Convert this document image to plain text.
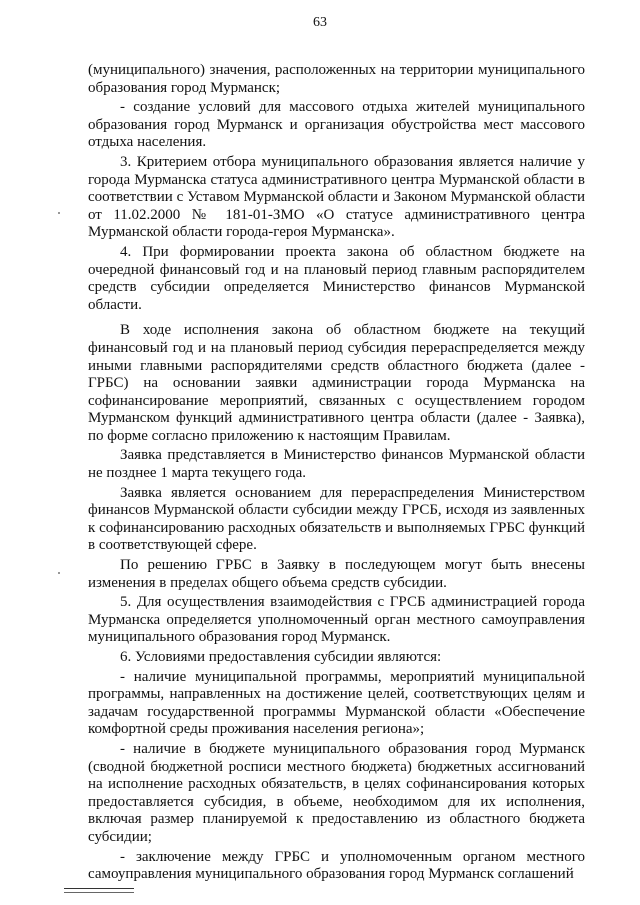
63

(муниципального) значения, расположенных на территории муниципального образования город Мурманск;

- создание условий для массового отдыха жителей муниципального образования город Мурманск и организация обустройства мест массового отдыха населения.

3. Критерием отбора муниципального образования является наличие у города Мурманска статуса административного центра Мурманской области в соответствии с Уставом Мурманской области и Законом Мурманской области от 11.02.2000 № 181-01-ЗМО «О статусе административного центра Мурманской области города-героя Мурманска».

4. При формировании проекта закона об областном бюджете на очередной финансовый год и на плановый период главным распорядителем средств субсидии определяется Министерство финансов Мурманской области.

В ходе исполнения закона об областном бюджете на текущий финансовый год и на плановый период субсидия перераспределяется между иными главными распорядителями средств областного бюджета (далее - ГРБС) на основании заявки администрации города Мурманска на софинансирование мероприятий, связанных с осуществлением городом Мурманском функций административного центра области (далее - Заявка), по форме согласно приложению к настоящим Правилам.

Заявка представляется в Министерство финансов Мурманской области не позднее 1 марта текущего года.

Заявка является основанием для перераспределения Министерством финансов Мурманской области субсидии между ГРСБ, исходя из заявленных к софинансированию расходных обязательств и выполняемых ГРБС функций в соответствующей сфере.

По решению ГРБС в Заявку в последующем могут быть внесены изменения в пределах общего объема средств субсидии.

5. Для осуществления взаимодействия с ГРСБ администрацией города Мурманска определяется уполномоченный орган местного самоуправления муниципального образования город Мурманск.

6. Условиями предоставления субсидии являются:

- наличие муниципальной программы, мероприятий муниципальной программы, направленных на достижение целей, соответствующих целям и задачам государственной программы Мурманской области «Обеспечение комфортной среды проживания населения региона»;

- наличие в бюджете муниципального образования город Мурманск (сводной бюджетной росписи местного бюджета) бюджетных ассигнований на исполнение расходных обязательств, в целях софинансирования которых предоставляется субсидия, в объеме, необходимом для их исполнения, включая размер планируемой к предоставлению из областного бюджета субсидии;

- заключение между ГРБС и уполномоченным органом местного самоуправления муниципального образования город Мурманск соглашений
